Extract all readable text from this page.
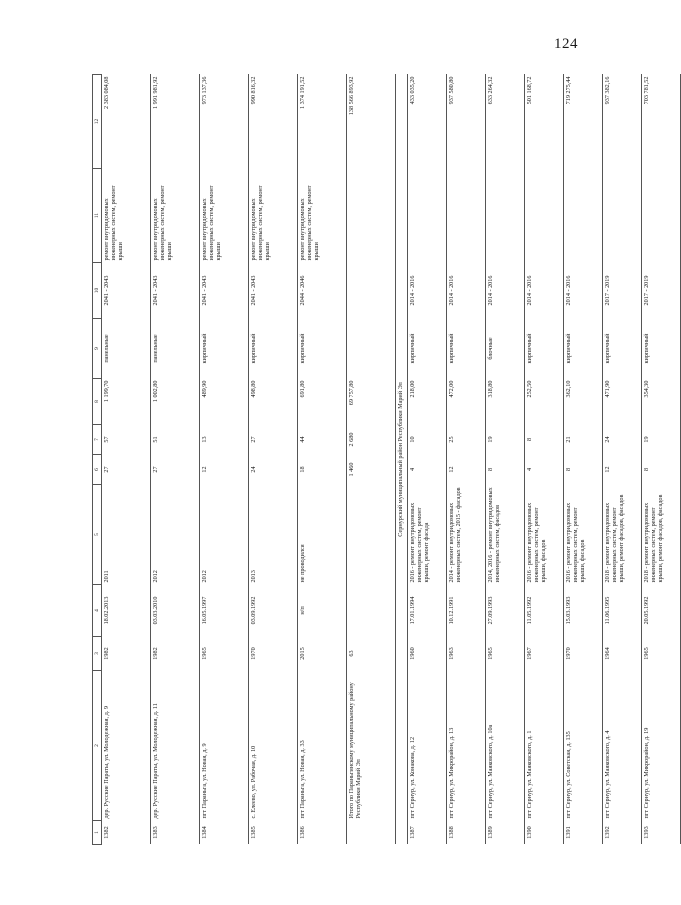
124
1	2	3	4	5	6	7	8	9	10	11	12
1382	дер. Русские Параты, ул. Молодежная, д. 9	1982	18.02.2013	2011	27	57	1 199,70	панельные	2041 - 2043	ремонт внутридомовых инженерных систем, ремонт крыши	2 383 084,08
1383	дер. Русские Параты, ул. Молодежная, д. 11	1982	03.03.2010	2012	27	51	1 002,80	панельные	2041 - 2043	ремонт внутридомовых инженерных систем, ремонт крыши	1 991 981,92
1384	пгт Параньга, ул. Новая, д. 9	1965	16.05.1997	2012	12	13	489,90	кирпичный	2041 - 2043	ремонт внутридомовых инженерных систем, ремонт крыши	973 137,36
1385	с. Елеево, ул. Рабочая, д. 10	1970	03.09.1992	2013	24	27	498,80	кирпичный	2041 - 2043	ремонт внутридомовых инженерных систем, ремонт крыши	990 816,32
1386	пгт Параньга, ул. Новая, д. 33	2015	н/п	не проводился	18	44	691,80	кирпичный	2044 - 2046	ремонт внутридомовых инженерных систем, ремонт крыши	1 374 191,52
	Итого по Параньгинскому муниципальному району Республики Марий Эл	63			1 460	2 680	69 757,80				138 566 893,92
Сернурский муниципальный район Республики Марий Эл											
1387	пгт Сернур, ул. Конакова, д. 12	1960	17.01.1994	2016 - ремонт внутридомовых инженерных систем, ремонт крыши, ремонт фасада	4	10	218,00	кирпичный	2014 - 2016		433 035,20
1388	пгт Сернур, ул. Микрорайон, д. 13	1963	10.12.1991	2014 - ремонт внутридомовых инженерных систем, 2015 - фасадов	12	25	472,00	кирпичный	2014 - 2016		937 580,80
1389	пгт Сернур, ул. Маяковского, д. 10а	1965	27.09.1993	2014, 2016 - ремонт внутридомовых инженерных систем, фасадов	8	19	318,80	блочные	2014 - 2016		633 264,32
1390	пгт Сернур, ул. Маяковского, д. 1	1967	11.05.1992	2016 - ремонт внутридомовых инженерных систем, ремонт крыши, фасадов	4	8	252,50	кирпичный	2014 - 2016		501 168,72
1391	пгт Сернур, ул. Советская, д. 135	1970	15.03.1993	2016 - ремонт внутридомовых инженерных систем, ремонт крыши, фасадов	8	21	362,10	кирпичный	2014 - 2016		719 275,44
1392	пгт Сернур, ул. Маяковского, д. 4	1964	11.06.1995	2018 - ремонт внутридомовых инженерных систем, ремонт крыши, ремонт фасадов, фасадов	12	24	471,90	кирпичный	2017 - 2019		937 382,16
1393	пгт Сернур, ул. Микрорайон, д. 19	1965	20.05.1992	2018 - ремонт внутридомовых инженерных систем, ремонт крыши, ремонт фасадов, фасадов	8	19	354,30	кирпичный	2017 - 2019		703 781,52
